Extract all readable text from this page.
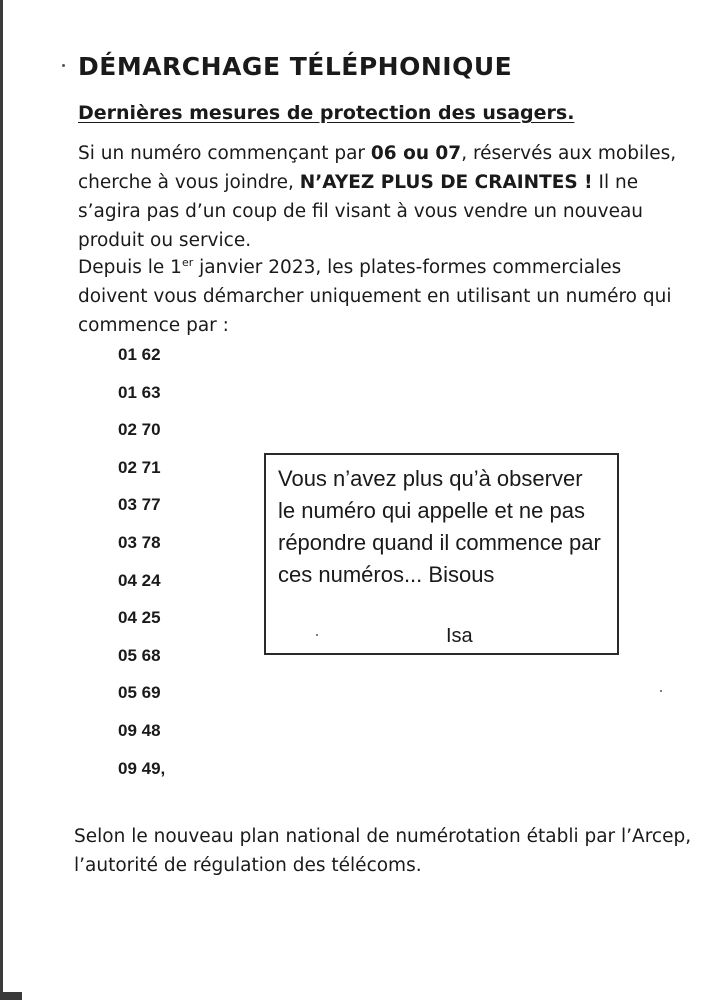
DÉMARCHAGE TÉLÉPHONIQUE
Dernières mesures de protection des usagers.

Si un numéro commençant par 06 ou 07, réservés aux mobiles, cherche à vous joindre, N’AYEZ PLUS DE CRAINTES ! Il ne s’agira pas d’un coup de fil visant à vous vendre un nouveau produit ou service.

Depuis le 1er janvier 2023, les plates-formes commerciales doivent vous démarcher uniquement en utilisant un numéro qui commence par :

01 62
01 63
02 70
02 71
03 77
03 78
04 24
04 25
05 68
05 69
09 48
09 49,

Vous n’avez plus qu’à observer le numéro qui appelle et ne pas répondre quand il commence par ces numéros... Bisous

Isa

Selon le nouveau plan national de numérotation établi par l’Arcep, l’autorité de régulation des télécoms.
